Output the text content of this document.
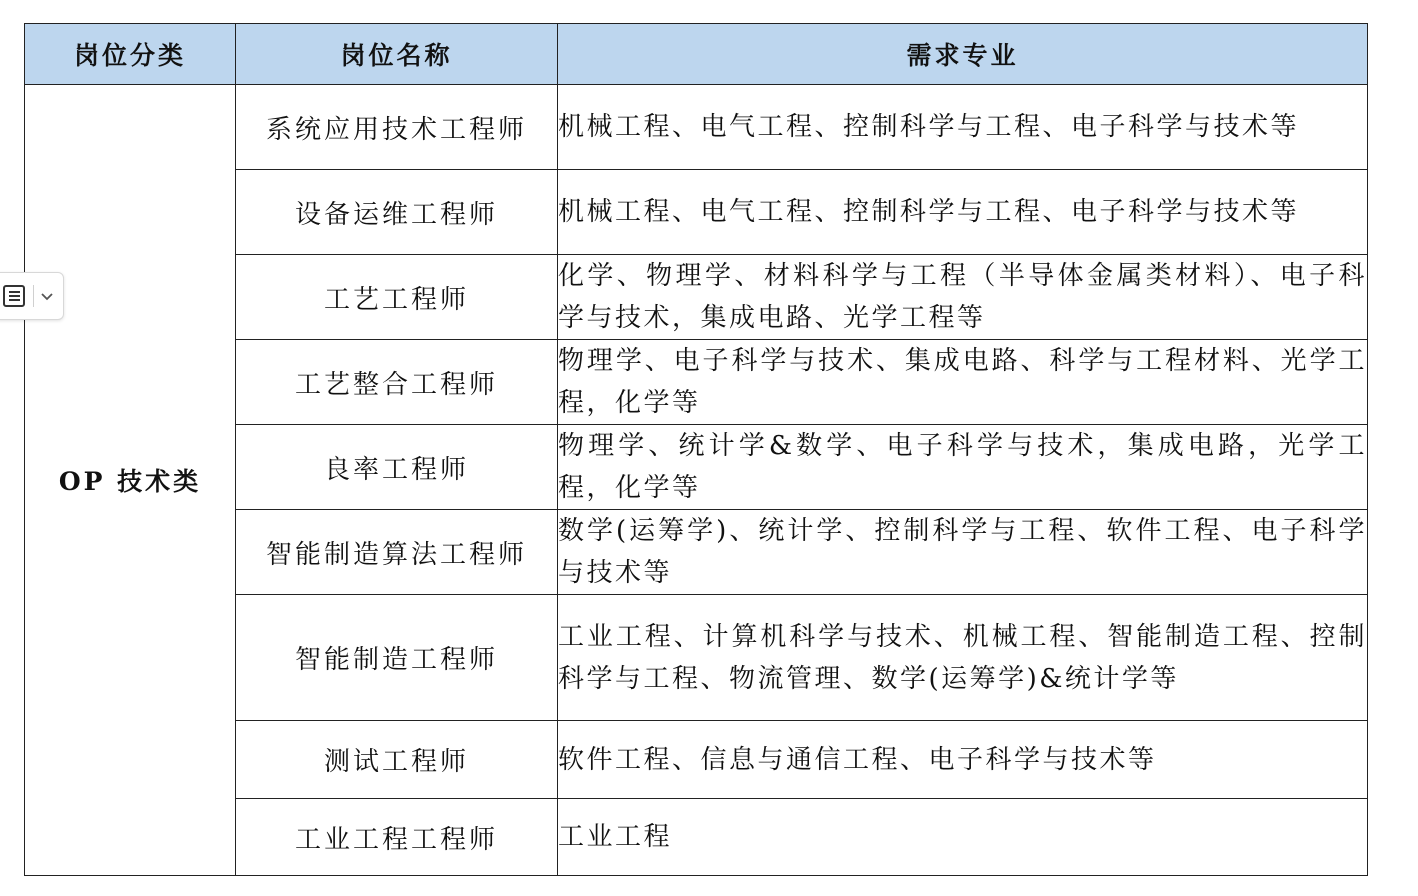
岗位分类	岗位名称	需求专业
OP 技术类	系统应用技术工程师	机械工程、电气工程、控制科学与工程、电子科学与技术等
	设备运维工程师	机械工程、电气工程、控制科学与工程、电子科学与技术等
	工艺工程师	化学、物理学、材料科学与工程（半导体金属类材料）、电子科学与技术，集成电路、光学工程等
	工艺整合工程师	物理学、电子科学与技术、集成电路、科学与工程材料、光学工程，化学等
	良率工程师	物理学、统计学&数学、电子科学与技术，集成电路，光学工程，化学等
	智能制造算法工程师	数学(运筹学)、统计学、控制科学与工程、软件工程、电子科学与技术等
	智能制造工程师	工业工程、计算机科学与技术、机械工程、智能制造工程、控制科学与工程、物流管理、数学(运筹学)&统计学等
	测试工程师	软件工程、信息与通信工程、电子科学与技术等
	工业工程工程师	工业工程
